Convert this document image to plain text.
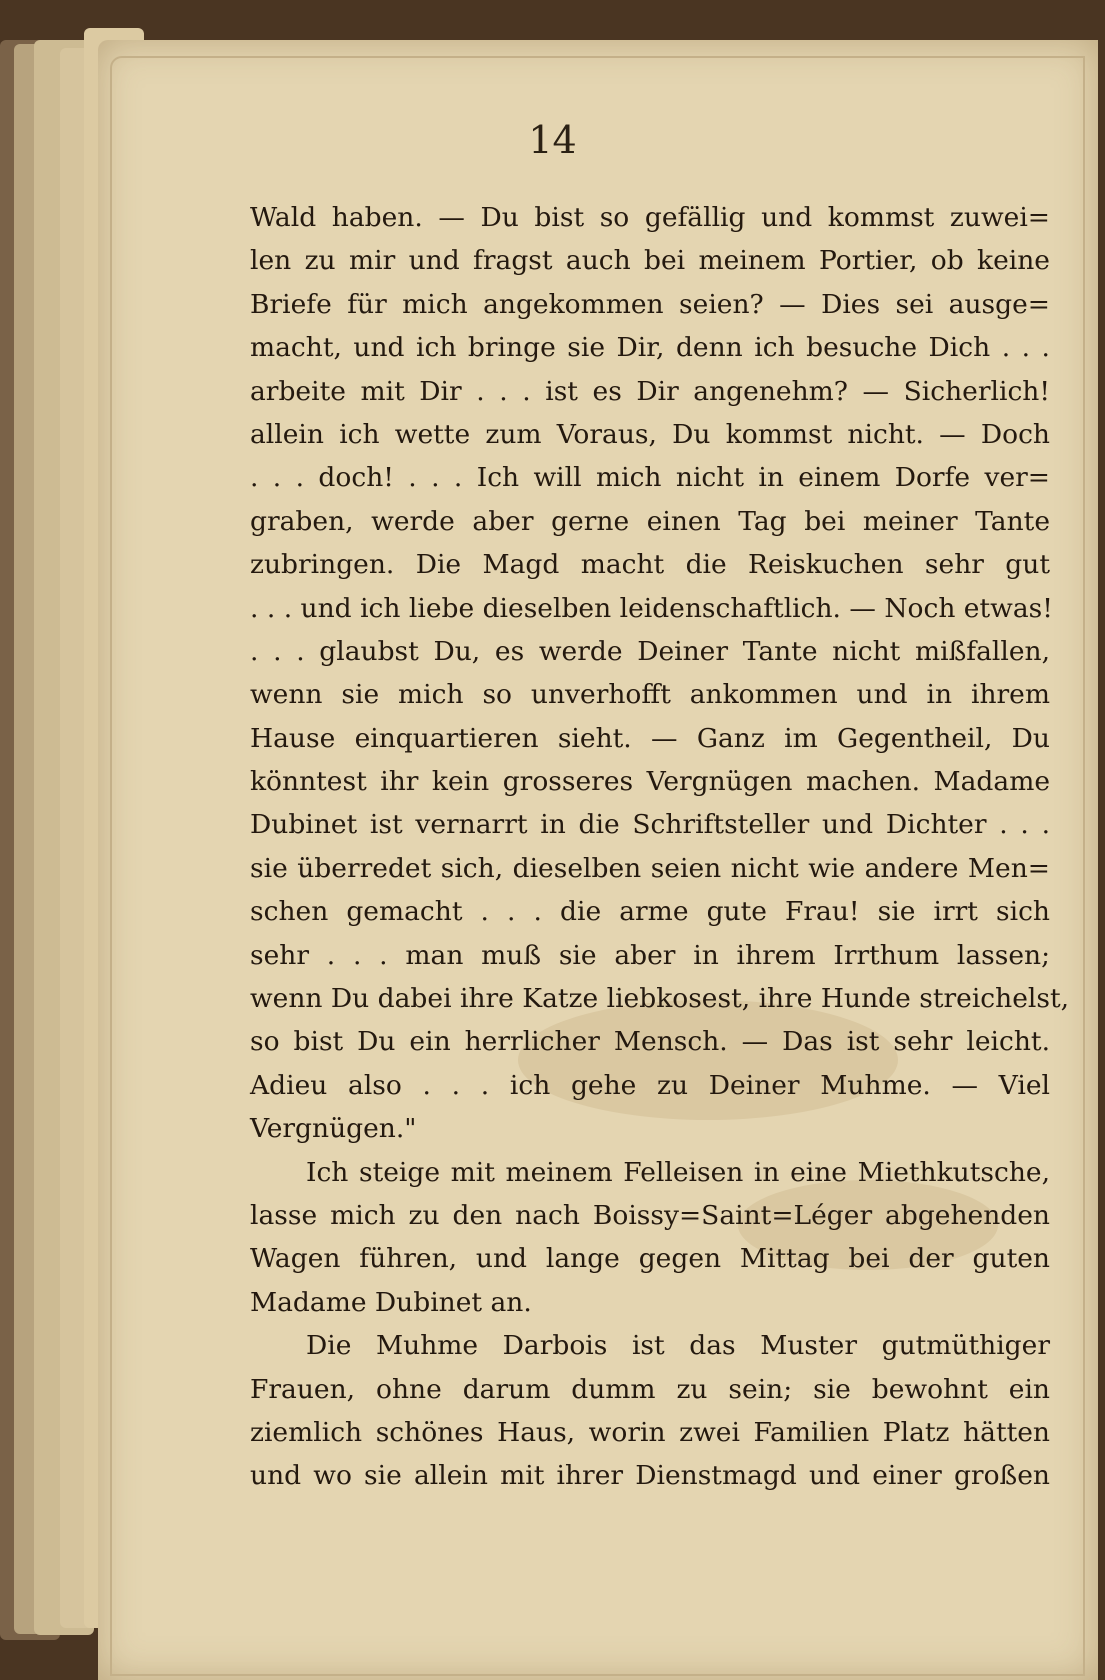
14
Wald haben. — Du bist so gefällig und kommst zuwei=
len zu mir und fragst auch bei meinem Portier, ob keine
Briefe für mich angekommen seien? — Dies sei ausge=
macht, und ich bringe sie Dir, denn ich besuche Dich . . .
arbeite mit Dir . . . ist es Dir angenehm? — Sicherlich!
allein ich wette zum Voraus, Du kommst nicht. — Doch
. . . doch! . . . Ich will mich nicht in einem Dorfe ver=
graben, werde aber gerne einen Tag bei meiner Tante
zubringen. Die Magd macht die Reiskuchen sehr gut
. . . und ich liebe dieselben leidenschaftlich. — Noch etwas!
. . . glaubst Du, es werde Deiner Tante nicht mißfallen,
wenn sie mich so unverhofft ankommen und in ihrem
Hause einquartieren sieht. — Ganz im Gegentheil, Du
könntest ihr kein grosseres Vergnügen machen. Madame
Dubinet ist vernarrt in die Schriftsteller und Dichter . . .
sie überredet sich, dieselben seien nicht wie andere Men=
schen gemacht . . . die arme gute Frau! sie irrt sich
sehr . . . man muß sie aber in ihrem Irrthum lassen;
wenn Du dabei ihre Katze liebkosest, ihre Hunde streichelst,
so bist Du ein herrlicher Mensch. — Das ist sehr leicht.
Adieu also . . . ich gehe zu Deiner Muhme. — Viel
Vergnügen."
Ich steige mit meinem Felleisen in eine Miethkutsche,
lasse mich zu den nach Boissy=Saint=Léger abgehenden
Wagen führen, und lange gegen Mittag bei der guten
Madame Dubinet an.
Die Muhme Darbois ist das Muster gutmüthiger
Frauen, ohne darum dumm zu sein; sie bewohnt ein
ziemlich schönes Haus, worin zwei Familien Platz hätten
und wo sie allein mit ihrer Dienstmagd und einer großen
